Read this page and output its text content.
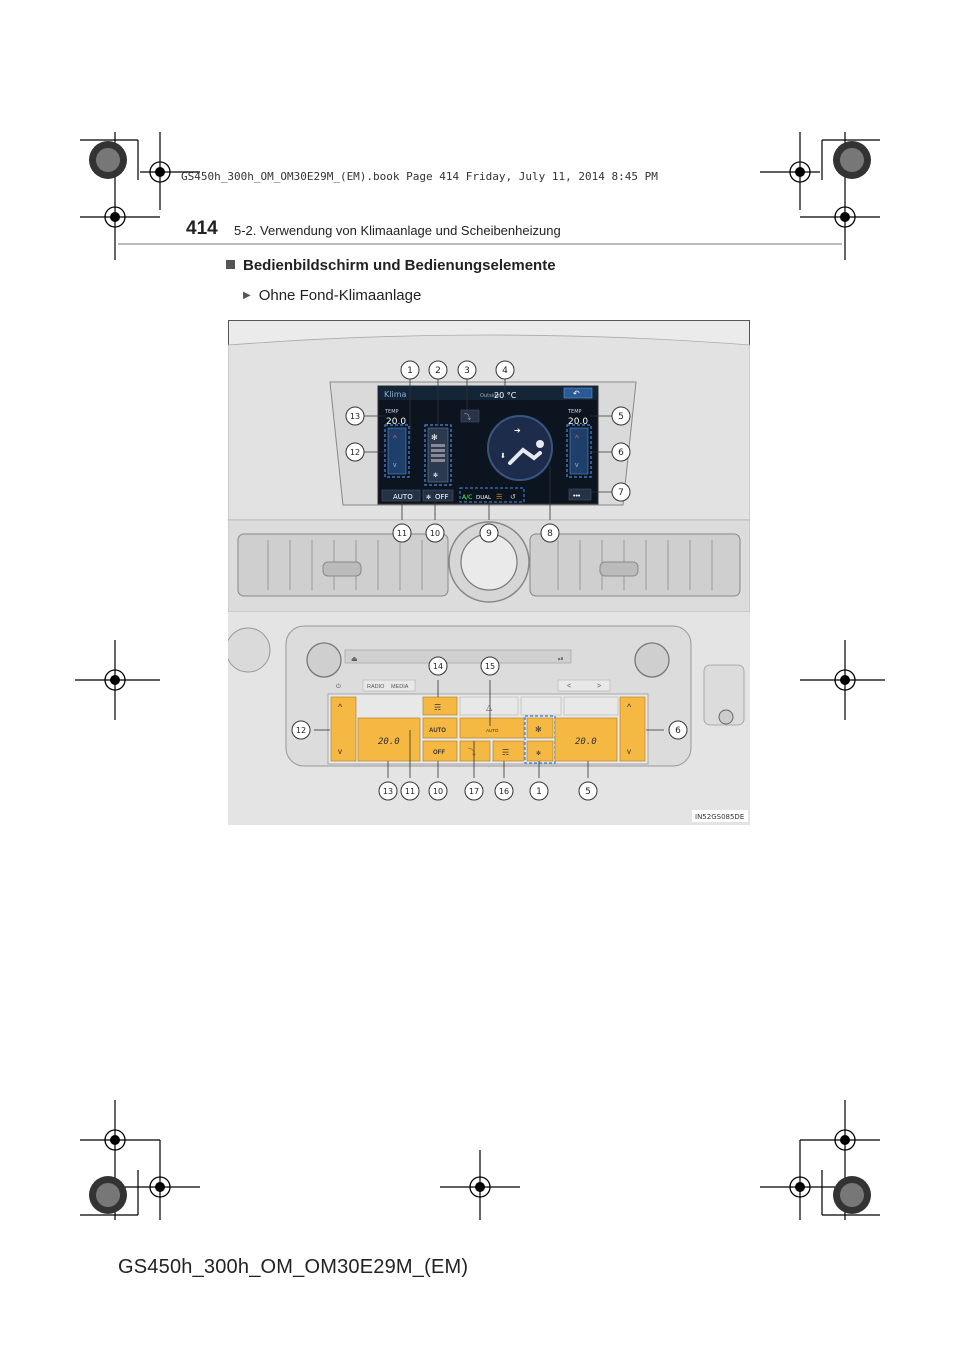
GS450h_300h_OM_OM30E29M_(EM).book Page 414 Friday, July 11, 2014 8:45 PM
414 5-2. Verwendung von Klimaanlage und Scheibenheizung
Bedienbildschirm und Bedienungselemente
▶ Ohne Fond-Klimaanlage
Klima	Outside
20 °C	↶
TEMP
20.0
TEMP
20.0
^
v
^
v
✻
✻
⤵
➔
⬇
AUTO ✻ OFF A/C DUAL ☴ ↺	•••
⏏	⏯
⏻	RADIO MEDIA	<	>
^
v
20.0
☴
AUTO
OFF
AUTO
⤵	☴
✻
✻
20.0
^
v
△
1 2	3	4
5
6
7
8
9
10
11
12
13
14	15
12	6
13 11 10	17 16	1	5
IN52GS085DE
GS450h_300h_OM_OM30E29M_(EM)
